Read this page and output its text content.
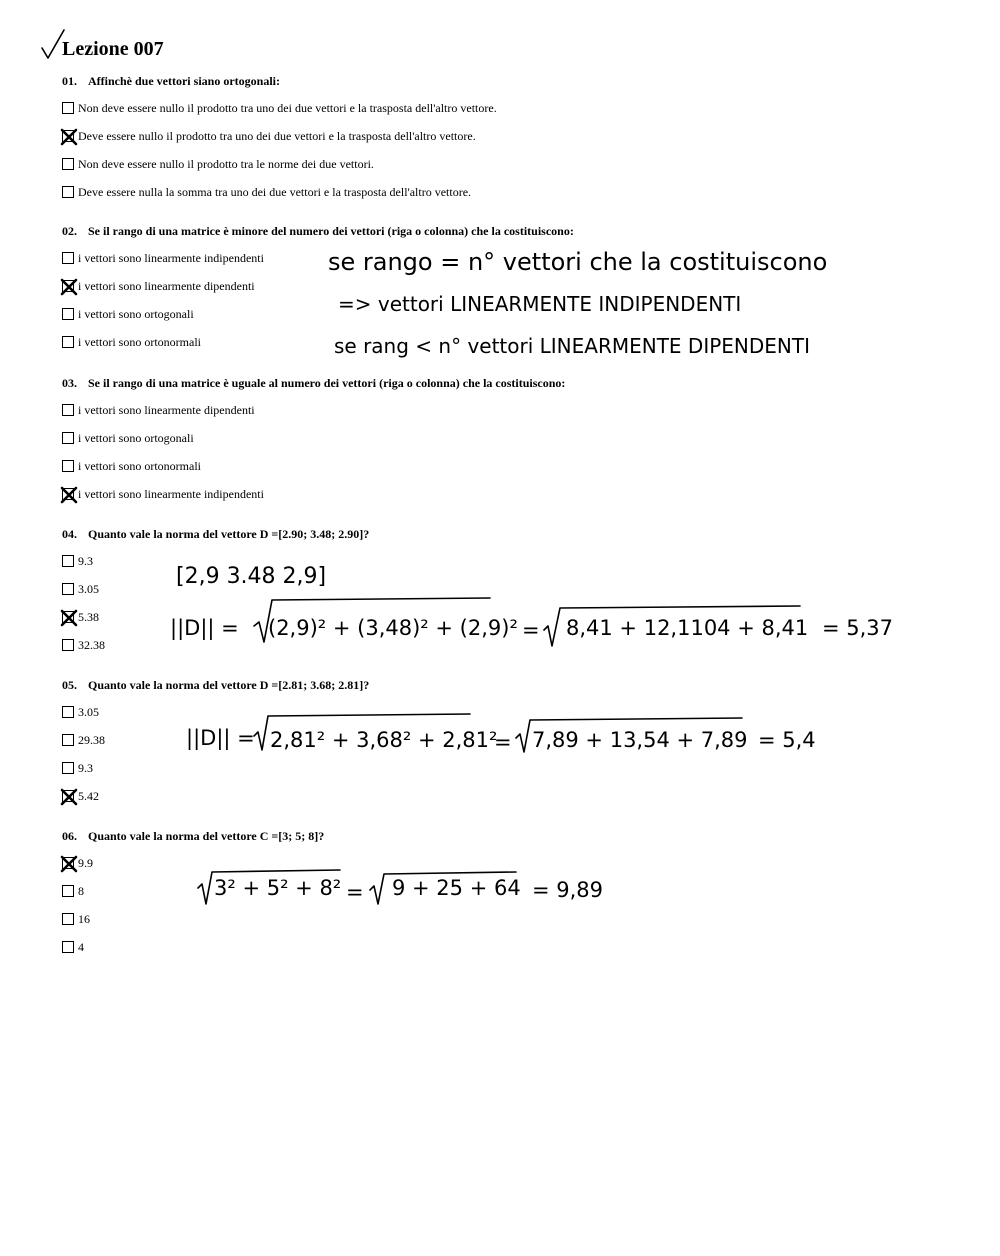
Lezione 007
01. Affinchè due vettori siano ortogonali:
Non deve essere nullo il prodotto tra uno dei due vettori e la trasposta dell'altro vettore.
Deve essere nullo il prodotto tra uno dei due vettori e la trasposta dell'altro vettore.
Non deve essere nullo il prodotto tra le norme dei due vettori.
Deve essere nulla la somma tra uno dei due vettori e la trasposta dell'altro vettore.
02. Se il rango di una matrice è minore del numero dei vettori (riga o colonna) che la costituiscono:
i vettori sono linearmente indipendenti
i vettori sono linearmente dipendenti
i vettori sono ortogonali
i vettori sono ortonormali
03. Se il rango di una matrice è uguale al numero dei vettori (riga o colonna) che la costituiscono:
i vettori sono linearmente dipendenti
i vettori sono ortogonali
i vettori sono ortonormali
i vettori sono linearmente indipendenti
04. Quanto vale la norma del vettore D =[2.90; 3.48; 2.90]?
9.3
3.05
5.38
32.38
05. Quanto vale la norma del vettore D =[2.81; 3.68; 2.81]?
3.05
29.38
9.3
5.42
06. Quanto vale la norma del vettore C =[3; 5; 8]?
9.9
8
16
4
se rango = n° vettori che la costituiscono
=> vettori LINEARMENTE INDIPENDENTI
se rang < n° vettori LINEARMENTE DIPENDENTI
[2,9 3.48 2,9]
||D|| = (2,9)² + (3,48)² + (2,9)² = 8,41 + 12,1104 + 8,41 = 5,37
||D|| = 2,81² + 3,68² + 2,81²
= 7,89 + 13,54 + 7,89 = 5,4
3² + 5² + 8² = 9 + 25 + 64 = 9,89
